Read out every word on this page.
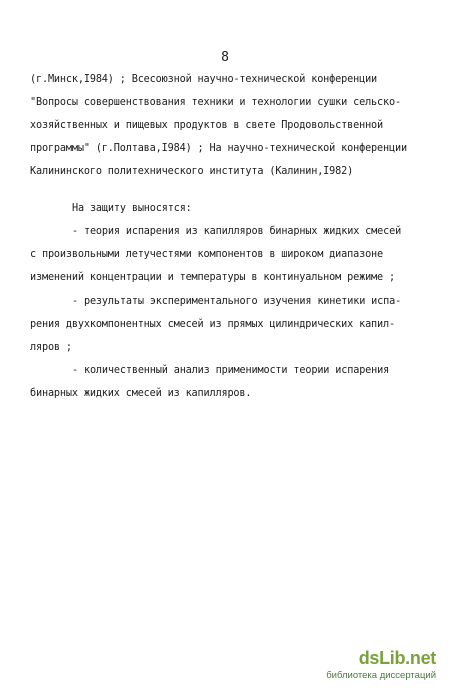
8
(г.Минск,I984) ; Всесоюзной научно-технической конференции
"Вопросы совершенствования техники и технологии сушки сельско-
хозяйственных и пищевых продуктов в свете Продовольственной
программы" (г.Полтава,I984) ; На научно-технической конференции
Калининского политехнического института (Калинин,I982)
На защиту выносятся:
- теория испарения из капилляров бинарных жидких смесей
с произвольными летучестями компонентов в широком диапазоне
изменений концентрации и температуры в континуальном режиме ;
- результаты экспериментального изучения кинетики испа-
рения двухкомпонентных смесей из прямых цилиндрических капил-
ляров ;
- количественный анализ применимости теории испарения
бинарных жидких смесей из капилляров.
dsLib.net
библиотека диссертаций
